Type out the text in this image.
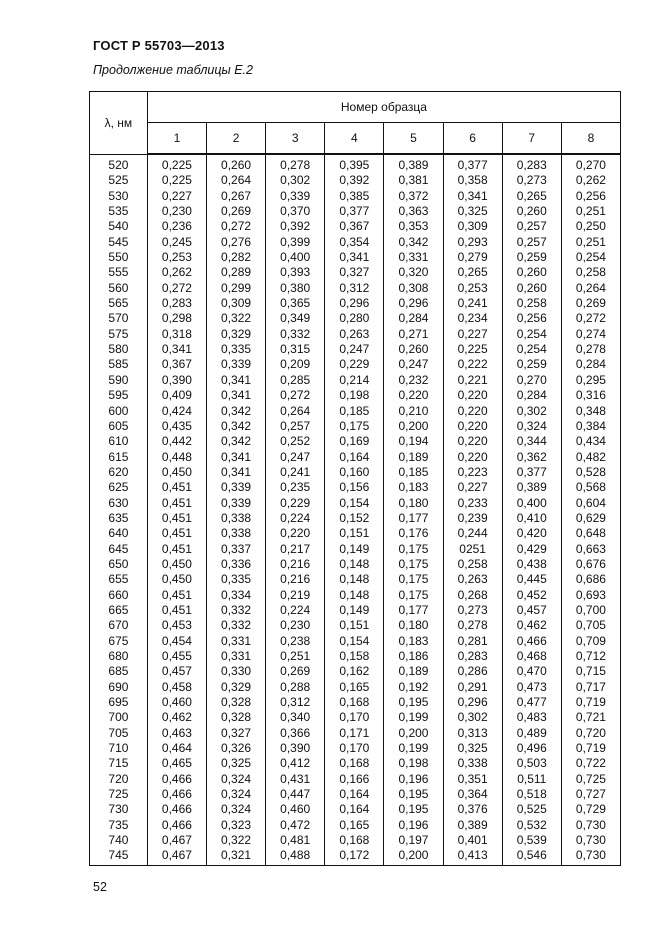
ГОСТ Р 55703—2013
Продолжение таблицы Е.2
λ, нм	Номер образца							
	1	2	3	4	5	6	7	8
520	0,225	0,260	0,278	0,395	0,389	0,377	0,283	0,270
525	0,225	0,264	0,302	0,392	0,381	0,358	0,273	0,262
530	0,227	0,267	0,339	0,385	0,372	0,341	0,265	0,256
535	0,230	0,269	0,370	0,377	0,363	0,325	0,260	0,251
540	0,236	0,272	0,392	0,367	0,353	0,309	0,257	0,250
545	0,245	0,276	0,399	0,354	0,342	0,293	0,257	0,251
550	0,253	0,282	0,400	0,341	0,331	0,279	0,259	0,254
555	0,262	0,289	0,393	0,327	0,320	0,265	0,260	0,258
560	0,272	0,299	0,380	0,312	0,308	0,253	0,260	0,264
565	0,283	0,309	0,365	0,296	0,296	0,241	0,258	0,269
570	0,298	0,322	0,349	0,280	0,284	0,234	0,256	0,272
575	0,318	0,329	0,332	0,263	0,271	0,227	0,254	0,274
580	0,341	0,335	0,315	0,247	0,260	0,225	0,254	0,278
585	0,367	0,339	0,209	0,229	0,247	0,222	0,259	0,284
590	0,390	0,341	0,285	0,214	0,232	0,221	0,270	0,295
595	0,409	0,341	0,272	0,198	0,220	0,220	0,284	0,316
600	0,424	0,342	0,264	0,185	0,210	0,220	0,302	0,348
605	0,435	0,342	0,257	0,175	0,200	0,220	0,324	0,384
610	0,442	0,342	0,252	0,169	0,194	0,220	0,344	0,434
615	0,448	0,341	0,247	0,164	0,189	0,220	0,362	0,482
620	0,450	0,341	0,241	0,160	0,185	0,223	0,377	0,528
625	0,451	0,339	0,235	0,156	0,183	0,227	0,389	0,568
630	0,451	0,339	0,229	0,154	0,180	0,233	0,400	0,604
635	0,451	0,338	0,224	0,152	0,177	0,239	0,410	0,629
640	0,451	0,338	0,220	0,151	0,176	0,244	0,420	0,648
645	0,451	0,337	0,217	0,149	0,175	0251	0,429	0,663
650	0,450	0,336	0,216	0,148	0,175	0,258	0,438	0,676
655	0,450	0,335	0,216	0,148	0,175	0,263	0,445	0,686
660	0,451	0,334	0,219	0,148	0,175	0,268	0,452	0,693
665	0,451	0,332	0,224	0,149	0,177	0,273	0,457	0,700
670	0,453	0,332	0,230	0,151	0,180	0,278	0,462	0,705
675	0,454	0,331	0,238	0,154	0,183	0,281	0,466	0,709
680	0,455	0,331	0,251	0,158	0,186	0,283	0,468	0,712
685	0,457	0,330	0,269	0,162	0,189	0,286	0,470	0,715
690	0,458	0,329	0,288	0,165	0,192	0,291	0,473	0,717
695	0,460	0,328	0,312	0,168	0,195	0,296	0,477	0,719
700	0,462	0,328	0,340	0,170	0,199	0,302	0,483	0,721
705	0,463	0,327	0,366	0,171	0,200	0,313	0,489	0,720
710	0,464	0,326	0,390	0,170	0,199	0,325	0,496	0,719
715	0,465	0,325	0,412	0,168	0,198	0,338	0,503	0,722
720	0,466	0,324	0,431	0,166	0,196	0,351	0,511	0,725
725	0,466	0,324	0,447	0,164	0,195	0,364	0,518	0,727
730	0,466	0,324	0,460	0,164	0,195	0,376	0,525	0,729
735	0,466	0,323	0,472	0,165	0,196	0,389	0,532	0,730
740	0,467	0,322	0,481	0,168	0,197	0,401	0,539	0,730
745	0,467	0,321	0,488	0,172	0,200	0,413	0,546	0,730
52
